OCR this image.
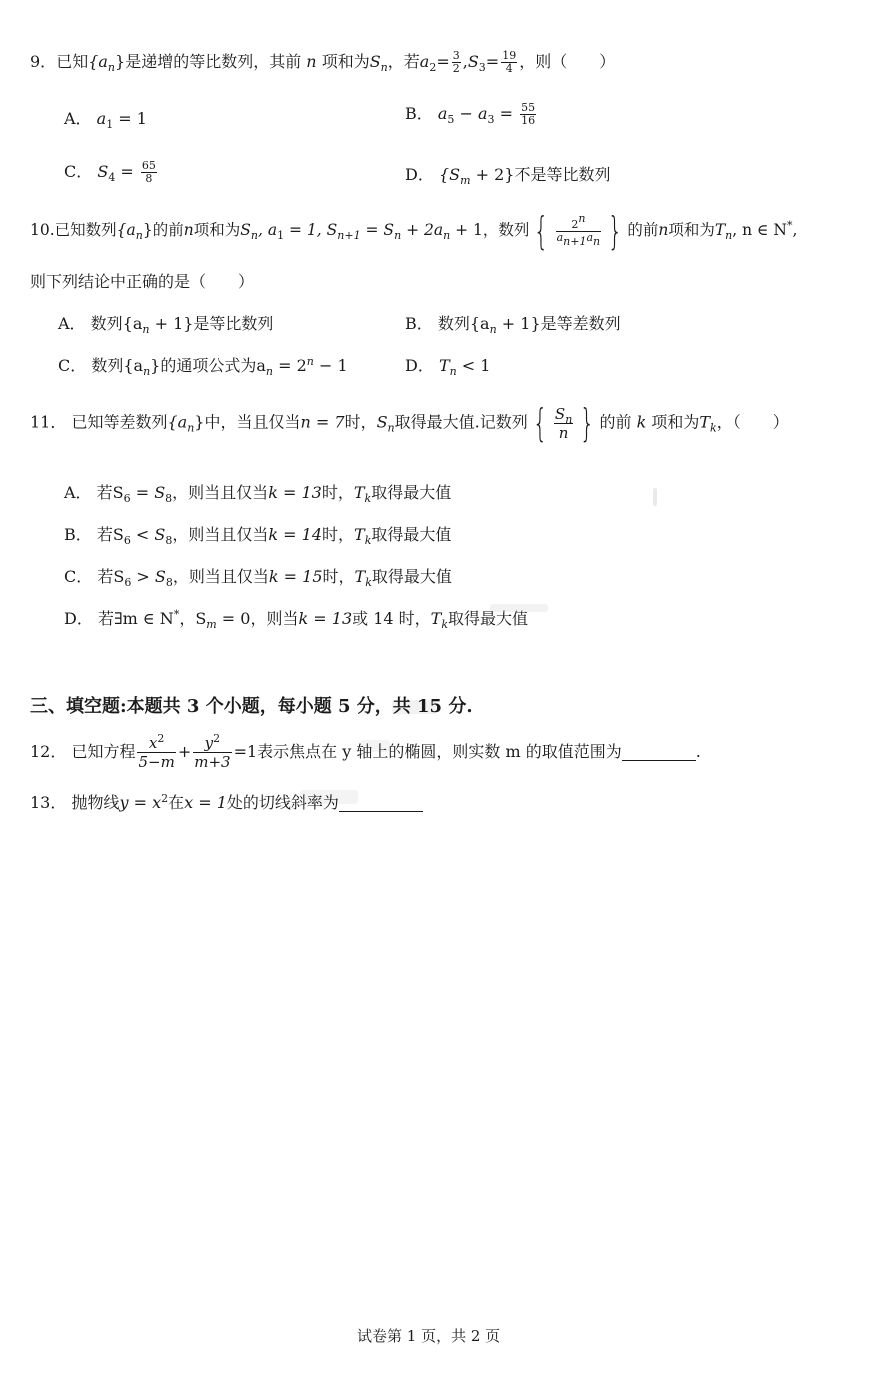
9．已知$\{a_n\}$是递增的等比数列，其前 n 项和为$S_n$，若$a_2= \frac{3}{2} ,S_3= \frac{19}{4}$ ，则（　　）
A． $a_1 = 1$	B． $a_5 - a_3 = \frac{55}{16}$
C． $S_4 = \frac{65}{8}$	D． $\{S_m + 2\}$不是等比数列
10.已知数列$\{a_n\}$的前n项和为$S_n$, $a_1 = 1$, $S_{n+1} = S_n + 2a_n + 1$，数列 { $\frac{2^n}{a_{n+1}a_n}$ } 的前n项和为$T_n$, n ∈ N*,
则下列结论中正确的是（　　）
A． 数列$\{a_n + 1\}$是等比数列	B． 数列$\{a_n + 1\}$是等差数列
C． 数列$\{a_n\}$的通项公式为$a_n = 2^n - 1$	D． $T_n < 1$
11． 已知等差数列$\{a_n\}$中，当且仅当n = 7时，$S_n$取得最大值.记数列 { $\frac{S_n}{n}$ } 的前 k 项和为$T_k$，（　　）
A． 若$S_6 = S_8$，则当且仅当k = 13时，$T_k$取得最大值
B． 若$S_6 < S_8$，则当且仅当k = 14时，$T_k$取得最大值
C． 若$S_6 > S_8$，则当且仅当k = 15时，$T_k$取得最大值
D． 若∃m ∈ N*，$S_m = 0$，则当k = 13或 14 时，$T_k$取得最大值
三、填空题:本题共 3 个小题，每小题 5 分，共 15 分.
12． 已知方程 $\frac{x^2}{5-m} + \frac{y^2}{m+3} =1$表示焦点在 y 轴上的椭圆，则实数 m 的取值范围为	.
13． 抛物线$y = x^2$在x = 1处的切线斜率为
试卷第 1 页，共 2 页
